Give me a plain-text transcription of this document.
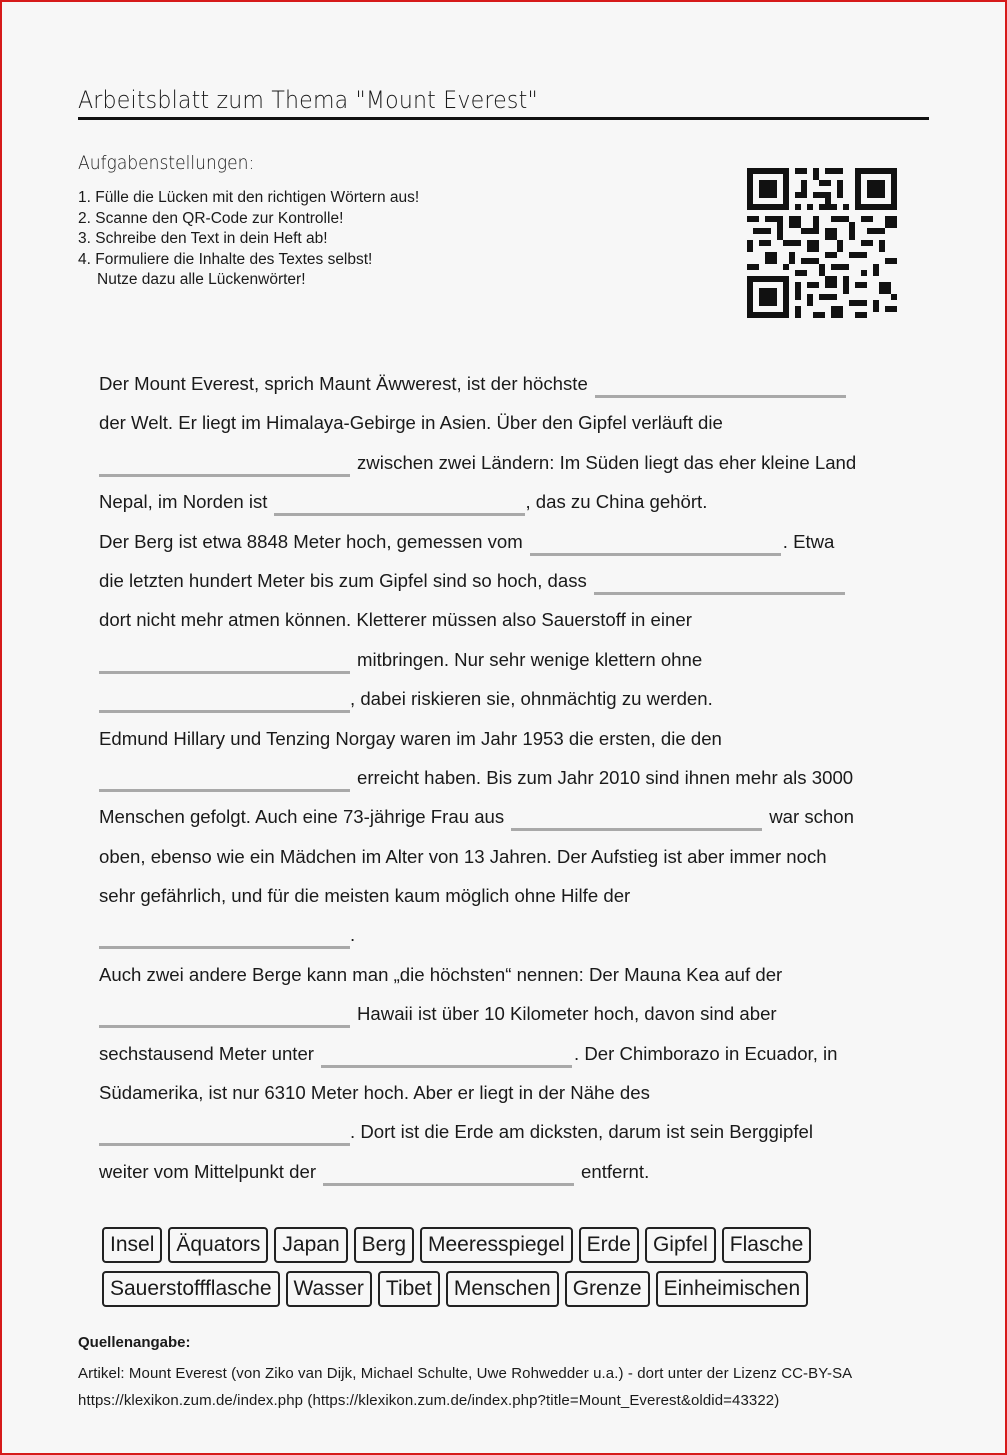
Arbeitsblatt zum Thema "Mount Everest"
Aufgabenstellungen:
1. Fülle die Lücken mit den richtigen Wörtern aus!
2. Scanne den QR-Code zur Kontrolle!
3. Schreibe den Text in dein Heft ab!
4. Formuliere die Inhalte des Textes selbst!
Nutze dazu alle Lückenwörter!
Der Mount Everest, sprich Maunt Äwwerest, ist der höchste
der Welt. Er liegt im Himalaya-Gebirge in Asien. Über den Gipfel verläuft die
zwischen zwei Ländern: Im Süden liegt das eher kleine Land
Nepal, im Norden ist	, das zu China gehört.
Der Berg ist etwa 8848 Meter hoch, gemessen vom	. Etwa
die letzten hundert Meter bis zum Gipfel sind so hoch, dass
dort nicht mehr atmen können. Kletterer müssen also Sauerstoff in einer
mitbringen. Nur sehr wenige klettern ohne
, dabei riskieren sie, ohnmächtig zu werden.
Edmund Hillary und Tenzing Norgay waren im Jahr 1953 die ersten, die den
erreicht haben. Bis zum Jahr 2010 sind ihnen mehr als 3000
Menschen gefolgt. Auch eine 73-jährige Frau aus	war schon
oben, ebenso wie ein Mädchen im Alter von 13 Jahren. Der Aufstieg ist aber immer noch
sehr gefährlich, und für die meisten kaum möglich ohne Hilfe der
.
Auch zwei andere Berge kann man „die höchsten“ nennen: Der Mauna Kea auf der
Hawaii ist über 10 Kilometer hoch, davon sind aber
sechstausend Meter unter	. Der Chimborazo in Ecuador, in
Südamerika, ist nur 6310 Meter hoch. Aber er liegt in der Nähe des
. Dort ist die Erde am dicksten, darum ist sein Berggipfel
weiter vom Mittelpunkt der	entfernt.
Insel	Äquators	Japan	Berg	Meeresspiegel	Erde	Gipfel	Flasche
Sauerstoffflasche	Wasser	Tibet	Menschen	Grenze	Einheimischen
Quellenangabe:
Artikel: Mount Everest (von Ziko van Dijk, Michael Schulte, Uwe Rohwedder u.a.) - dort unter der Lizenz CC-BY-SA
https://klexikon.zum.de/index.php (https://klexikon.zum.de/index.php?title=Mount_Everest&oldid=43322)
